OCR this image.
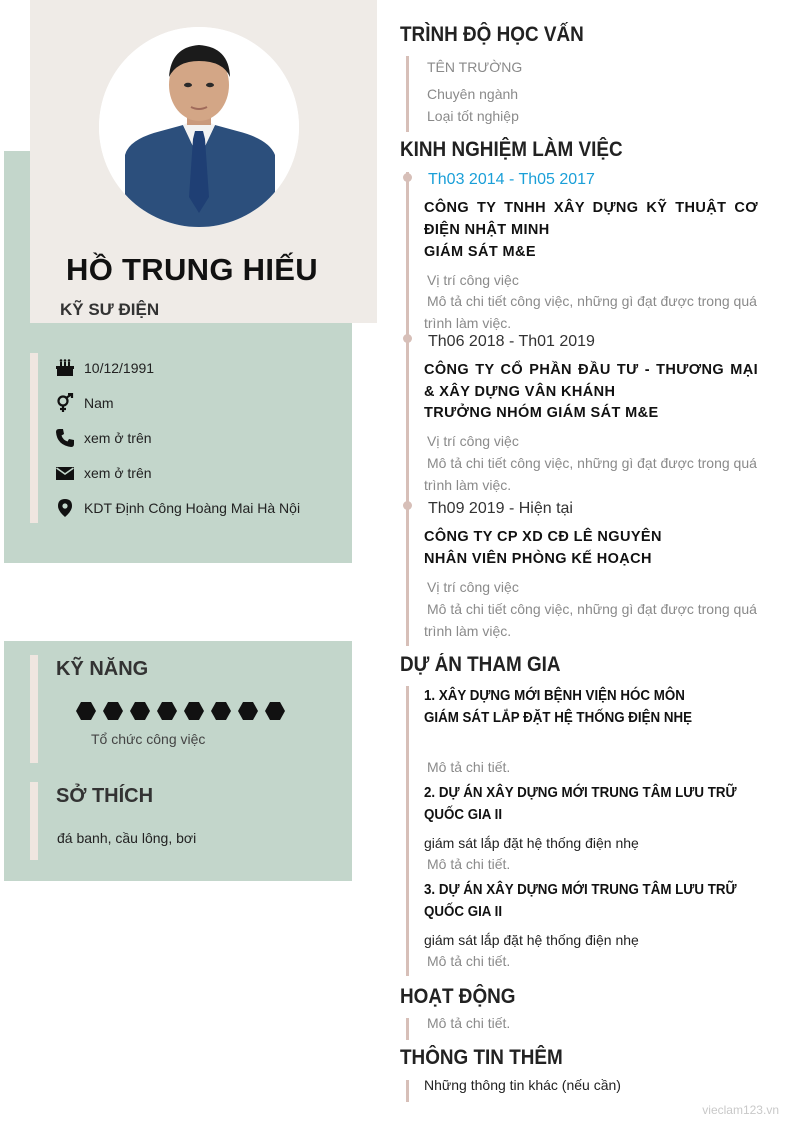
HỒ TRUNG HIẾU
KỸ SƯ ĐIỆN
10/12/1991
Nam
xem ở trên
xem ở trên
KDT Định Công Hoàng Mai Hà Nội
KỸ NĂNG
Tổ chức công việc
SỞ THÍCH
đá banh, cầu lông, bơi
TRÌNH ĐỘ HỌC VẤN
TÊN TRƯỜNG
Chuyên ngành
Loại tốt nghiệp
KINH NGHIỆM LÀM VIỆC
Th03 2014 - Th05 2017
CÔNG TY TNHH XÂY DỰNG KỸ THUẬT CƠ ĐIỆN NHẬT MINH
GIÁM SÁT M&E
Vị trí công việc
Mô tả chi tiết công việc, những gì đạt được trong quá trình làm việc.
Th06 2018 - Th01 2019
CÔNG TY CỔ PHẦN ĐẦU TƯ - THƯƠNG MẠI & XÂY DỰNG VÂN KHÁNH
TRƯỞNG NHÓM GIÁM SÁT M&E
Vị trí công việc
Mô tả chi tiết công việc, những gì đạt được trong quá trình làm việc.
Th09 2019 - Hiện tại
CÔNG TY CP XD CĐ LÊ NGUYÊN
NHÂN VIÊN PHÒNG KẾ HOẠCH
Vị trí công việc
Mô tả chi tiết công việc, những gì đạt được trong quá trình làm việc.
DỰ ÁN THAM GIA
1. XÂY DỰNG MỚI BỆNH VIỆN HÓC MÔN
GIÁM SÁT LẮP ĐẶT HỆ THỐNG ĐIỆN NHẸ
Mô tả chi tiết.
2. DỰ ÁN XÂY DỰNG MỚI TRUNG TÂM LƯU TRỮ QUỐC GIA II
giám sát lắp đặt hệ thống điện nhẹ
Mô tả chi tiết.
3. DỰ ÁN XÂY DỰNG MỚI TRUNG TÂM LƯU TRỮ QUỐC GIA II
giám sát lắp đặt hệ thống điện nhẹ
Mô tả chi tiết.
HOẠT ĐỘNG
Mô tả chi tiết.
THÔNG TIN THÊM
Những thông tin khác (nếu cần)
vieclam123.vn
